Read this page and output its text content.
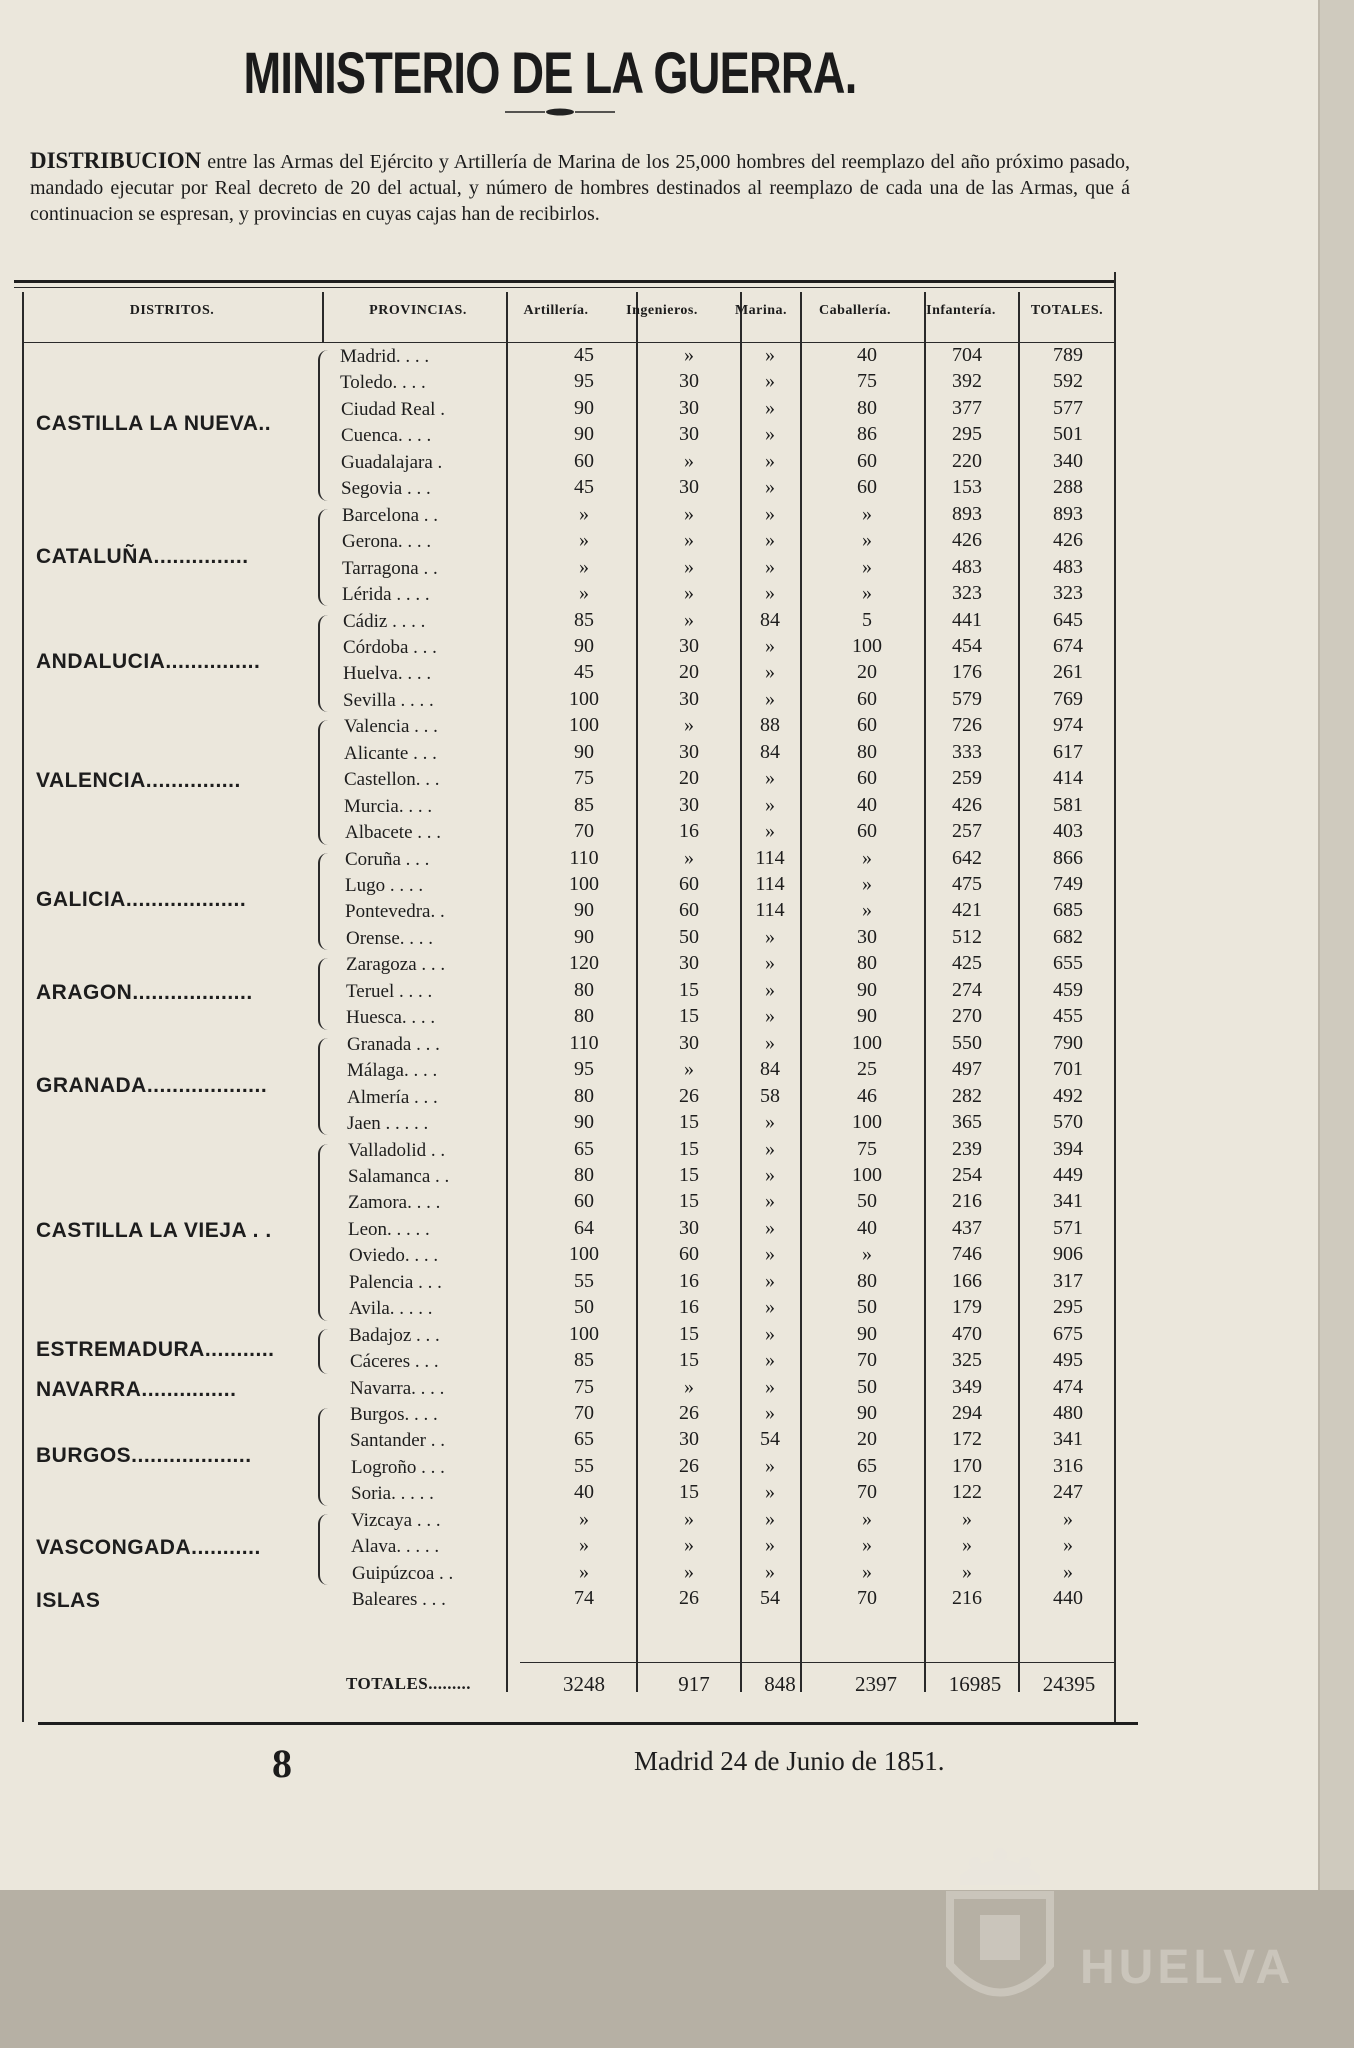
MINISTERIO DE LA GUERRA.
DISTRIBUCION entre las Armas del Ejército y Artillería de Marina de los 25,000 hombres del reemplazo del año próximo pasado, mandado ejecutar por Real decreto de 20 del actual, y número de hombres destinados al reemplazo de cada una de las Armas, que á continuacion se espresan, y provincias en cuyas cajas han de recibirlos.
DISTRITOS.	PROVINCIAS.	Artillería.	Ingenieros.	Marina.	Caballería.	Infantería.	TOTALES.
CASTILLA LA NUEVA..
Madrid. . . .	45	»	»	40	704	789
Toledo. . . .	95	30	»	75	392	592
Ciudad Real .	90	30	»	80	377	577
Cuenca. . . .	90	30	»	86	295	501
Guadalajara .	60	»	»	60	220	340
Segovia . . .	45	30	»	60	153	288
CATALUÑA...............
Barcelona . .	»	»	»	»	893	893
Gerona. . . .	»	»	»	»	426	426
Tarragona . .	»	»	»	»	483	483
Lérida . . . .	»	»	»	»	323	323
ANDALUCIA...............
Cádiz . . . .	85	»	84	5	441	645
Córdoba . . .	90	30	»	100	454	674
Huelva. . . .	45	20	»	20	176	261
Sevilla . . . .	100	30	»	60	579	769
VALENCIA...............
Valencia . . .	100	»	88	60	726	974
Alicante . . .	90	30	84	80	333	617
Castellon. . .	75	20	»	60	259	414
Murcia. . . .	85	30	»	40	426	581
Albacete . . .	70	16	»	60	257	403
GALICIA...................
Coruña . . .	110	»	114	»	642	866
Lugo . . . .	100	60	114	»	475	749
Pontevedra. .	90	60	114	»	421	685
Orense. . . .	90	50	»	30	512	682
ARAGON...................
Zaragoza . . .	120	30	»	80	425	655
Teruel . . . .	80	15	»	90	274	459
Huesca. . . .	80	15	»	90	270	455
GRANADA...................
Granada . . .	110	30	»	100	550	790
Málaga. . . .	95	»	84	25	497	701
Almería . . .	80	26	58	46	282	492
Jaen . . . . .	90	15	»	100	365	570
CASTILLA LA VIEJA . .
Valladolid . .	65	15	»	75	239	394
Salamanca . .	80	15	»	100	254	449
Zamora. . . .	60	15	»	50	216	341
Leon. . . . .	64	30	»	40	437	571
Oviedo. . . .	100	60	»	»	746	906
Palencia . . .	55	16	»	80	166	317
Avila. . . . .	50	16	»	50	179	295
ESTREMADURA...........
Badajoz . . .	100	15	»	90	470	675
Cáceres . . .	85	15	»	70	325	495
NAVARRA...............	Navarra. . . .	75	»	»	50	349	474
BURGOS...................
Burgos. . . .	70	26	»	90	294	480
Santander . .	65	30	54	20	172	341
Logroño . . .	55	26	»	65	170	316
Soria. . . . .	40	15	»	70	122	247
VASCONGADA...........
Vizcaya . . .	»	»	»	»	»	»
Alava. . . . .	»	»	»	»	»	»
Guipúzcoa . .	»	»	»	»	»	»
ISLAS	Baleares . . .	74	26	54	70	216	440
TOTALES.........	3248	917	848	2397	16985	24395
8	Madrid 24 de Junio de 1851.
HUELVA
